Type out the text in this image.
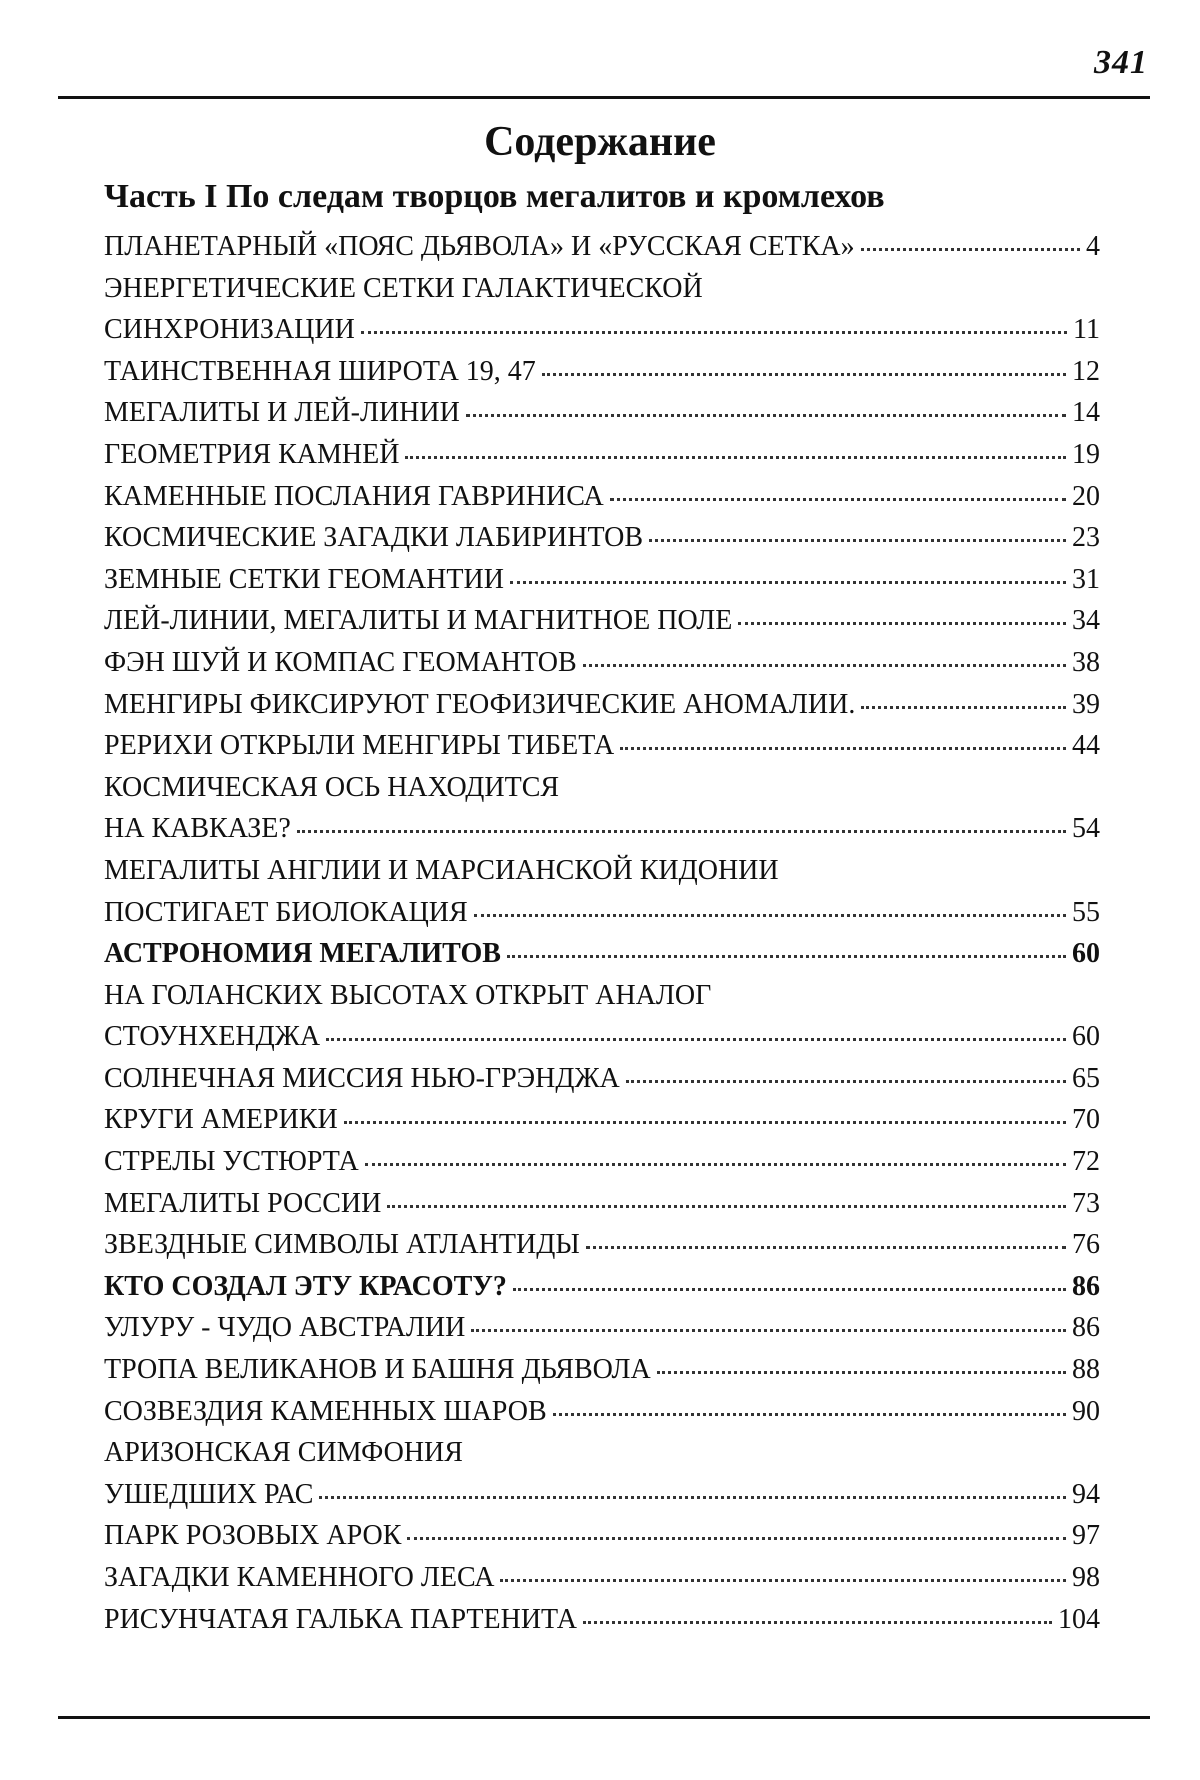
341
Содержание
Часть I По следам творцов мегалитов и кромлехов
ПЛАНЕТАРНЫЙ «ПОЯС ДЬЯВОЛА» И «РУССКАЯ СЕТКА»	4
ЭНЕРГЕТИЧЕСКИЕ СЕТКИ ГАЛАКТИЧЕСКОЙ
СИНХРОНИЗАЦИИ	11
ТАИНСТВЕННАЯ ШИРОТА 19, 47	12
МЕГАЛИТЫ И ЛЕЙ-ЛИНИИ	14
ГЕОМЕТРИЯ КАМНЕЙ	19
КАМЕННЫЕ ПОСЛАНИЯ ГАВРИНИСА	20
КОСМИЧЕСКИЕ ЗАГАДКИ ЛАБИРИНТОВ	23
ЗЕМНЫЕ СЕТКИ ГЕОМАНТИИ	31
ЛЕЙ-ЛИНИИ, МЕГАЛИТЫ И МАГНИТНОЕ ПОЛЕ	34
ФЭН ШУЙ И КОМПАС ГЕОМАНТОВ	38
МЕНГИРЫ ФИКСИРУЮТ ГЕОФИЗИЧЕСКИЕ АНОМАЛИИ.	39
РЕРИХИ ОТКРЫЛИ МЕНГИРЫ ТИБЕТА	44
КОСМИЧЕСКАЯ ОСЬ НАХОДИТСЯ
НА КАВКАЗЕ?	54
МЕГАЛИТЫ АНГЛИИ И МАРСИАНСКОЙ КИДОНИИ
ПОСТИГАЕТ БИОЛОКАЦИЯ	55
АСТРОНОМИЯ МЕГАЛИТОВ	60
НА ГОЛАНСКИХ ВЫСОТАХ ОТКРЫТ АНАЛОГ
СТОУНХЕНДЖА	60
СОЛНЕЧНАЯ МИССИЯ НЬЮ-ГРЭНДЖА	65
КРУГИ АМЕРИКИ	70
СТРЕЛЫ УСТЮРТА	72
МЕГАЛИТЫ РОССИИ	73
ЗВЕЗДНЫЕ СИМВОЛЫ АТЛАНТИДЫ	76
КТО СОЗДАЛ ЭТУ КРАСОТУ?	86
УЛУРУ - ЧУДО АВСТРАЛИИ	86
ТРОПА ВЕЛИКАНОВ И БАШНЯ ДЬЯВОЛА	88
СОЗВЕЗДИЯ КАМЕННЫХ ШАРОВ	90
АРИЗОНСКАЯ СИМФОНИЯ
УШЕДШИХ РАС	94
ПАРК РОЗОВЫХ АРОК	97
ЗАГАДКИ КАМЕННОГО ЛЕСА	98
РИСУНЧАТАЯ ГАЛЬКА ПАРТЕНИТА	104
